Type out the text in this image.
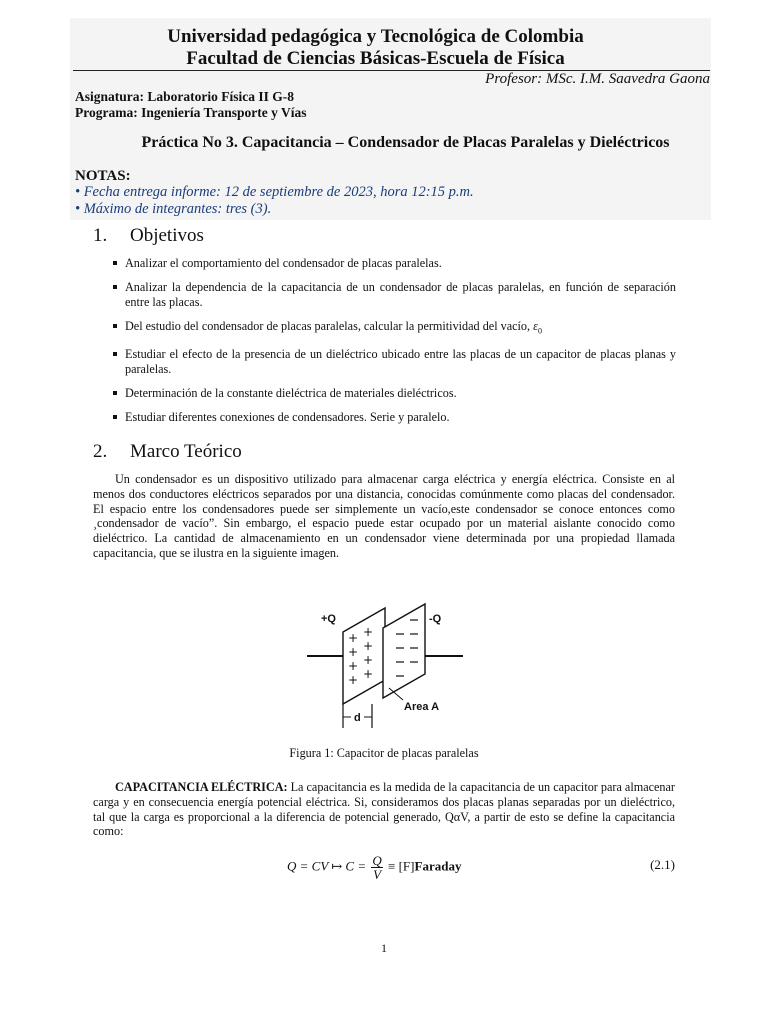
Universidad pedagógica y Tecnológica de Colombia
Facultad de Ciencias Básicas-Escuela de Física
Profesor: MSc. I.M. Saavedra Gaona
Asignatura: Laboratorio Física II G-8
Programa: Ingeniería Transporte y Vías
Práctica No 3. Capacitancia – Condensador de Placas Paralelas y Dieléctricos
NOTAS:
• Fecha entrega informe: 12 de septiembre de 2023, hora 12:15 p.m.
• Máximo de integrantes: tres (3).
1. Objetivos
Analizar el comportamiento del condensador de placas paralelas.
Analizar la dependencia de la capacitancia de un condensador de placas paralelas, en función de separación entre las placas.
Del estudio del condensador de placas paralelas, calcular la permitividad del vacío, $\varepsilon_0$
Estudiar el efecto de la presencia de un dieléctrico ubicado entre las placas de un capacitor de placas planas y paralelas.
Determinación de la constante dieléctrica de materiales dieléctricos.
Estudiar diferentes conexiones de condensadores. Serie y paralelo.
2. Marco Teórico

Un condensador es un dispositivo utilizado para almacenar carga eléctrica y energía eléctrica. Consiste en al menos dos conductores eléctricos separados por una distancia, conocidas comúnmente como placas del condensador. El espacio entre los condensadores puede ser simplemente un vacío,este condensador se conoce entonces como ¸condensador de vacío”. Sin embargo, el espacio puede estar ocupado por un material aislante conocido como dieléctrico. La cantidad de almacenamiento en un condensador viene determinada por una propiedad llamada capacitancia, que se ilustra en la siguiente imagen.

+ +
+ +
+ +
+ +
+Q	-Q
Area A
d
Figura 1: Capacitor de placas paralelas

CAPACITANCIA ELÉCTRICA: La capacitancia es la medida de la capacitancia de un capacitor para almacenar carga y en consecuencia energía potencial eléctrica. Si, consideramos dos placas planas separadas por un dieléctrico, tal que la carga es proporcional a la diferencia de potencial generado, QαV, a partir de esto se define la capacitancia como:

Q = CV ↦ $C = \frac{Q}{V}$ ≡ [F]Faraday	(2.1)
1
